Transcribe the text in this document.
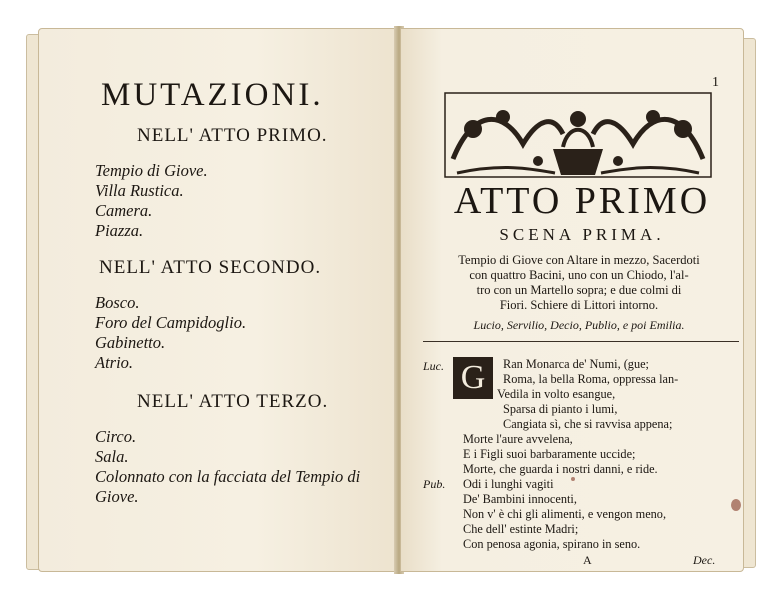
MUTAZIONI.
NELL' ATTO PRIMO.
Tempio di Giove.
Villa Rustica.
Camera.
Piazza.
NELL' ATTO SECONDO.
Bosco.
Foro del Campidoglio.
Gabinetto.
Atrio.
NELL' ATTO TERZO.
Circo.
Sala.
Colonnato con la facciata del Tempio di Giove.
1
ATTO PRIMO
SCENA PRIMA.
Tempio di Giove con Altare in mezzo, Sacerdoti
con quattro Bacini, uno con un Chiodo, l'al-
tro con un Martello sopra; e due colmi di
Fiori. Schiere di Littori intorno.
Lucio, Servilio, Decio, Publio, e poi Emilia.
Luc. G	Ran Monarca de' Numi, (gue;
Roma, la bella Roma, oppressa lan-
Vedila in volto esangue,
Sparsa di pianto i lumi,
Cangiata sì, che si ravvisa appena;
Morte l'aure avvelena,
E i Figli suoi barbaramente uccide;
Morte, che guarda i nostri danni, e ride.
Pub. Odi i lunghi vagiti
De' Bambini innocenti,
Non v' è chi gli alimenti, e vengon meno,
Che dell' estinte Madri;
Con penosa agonia, spirano in seno.
A	Dec.
